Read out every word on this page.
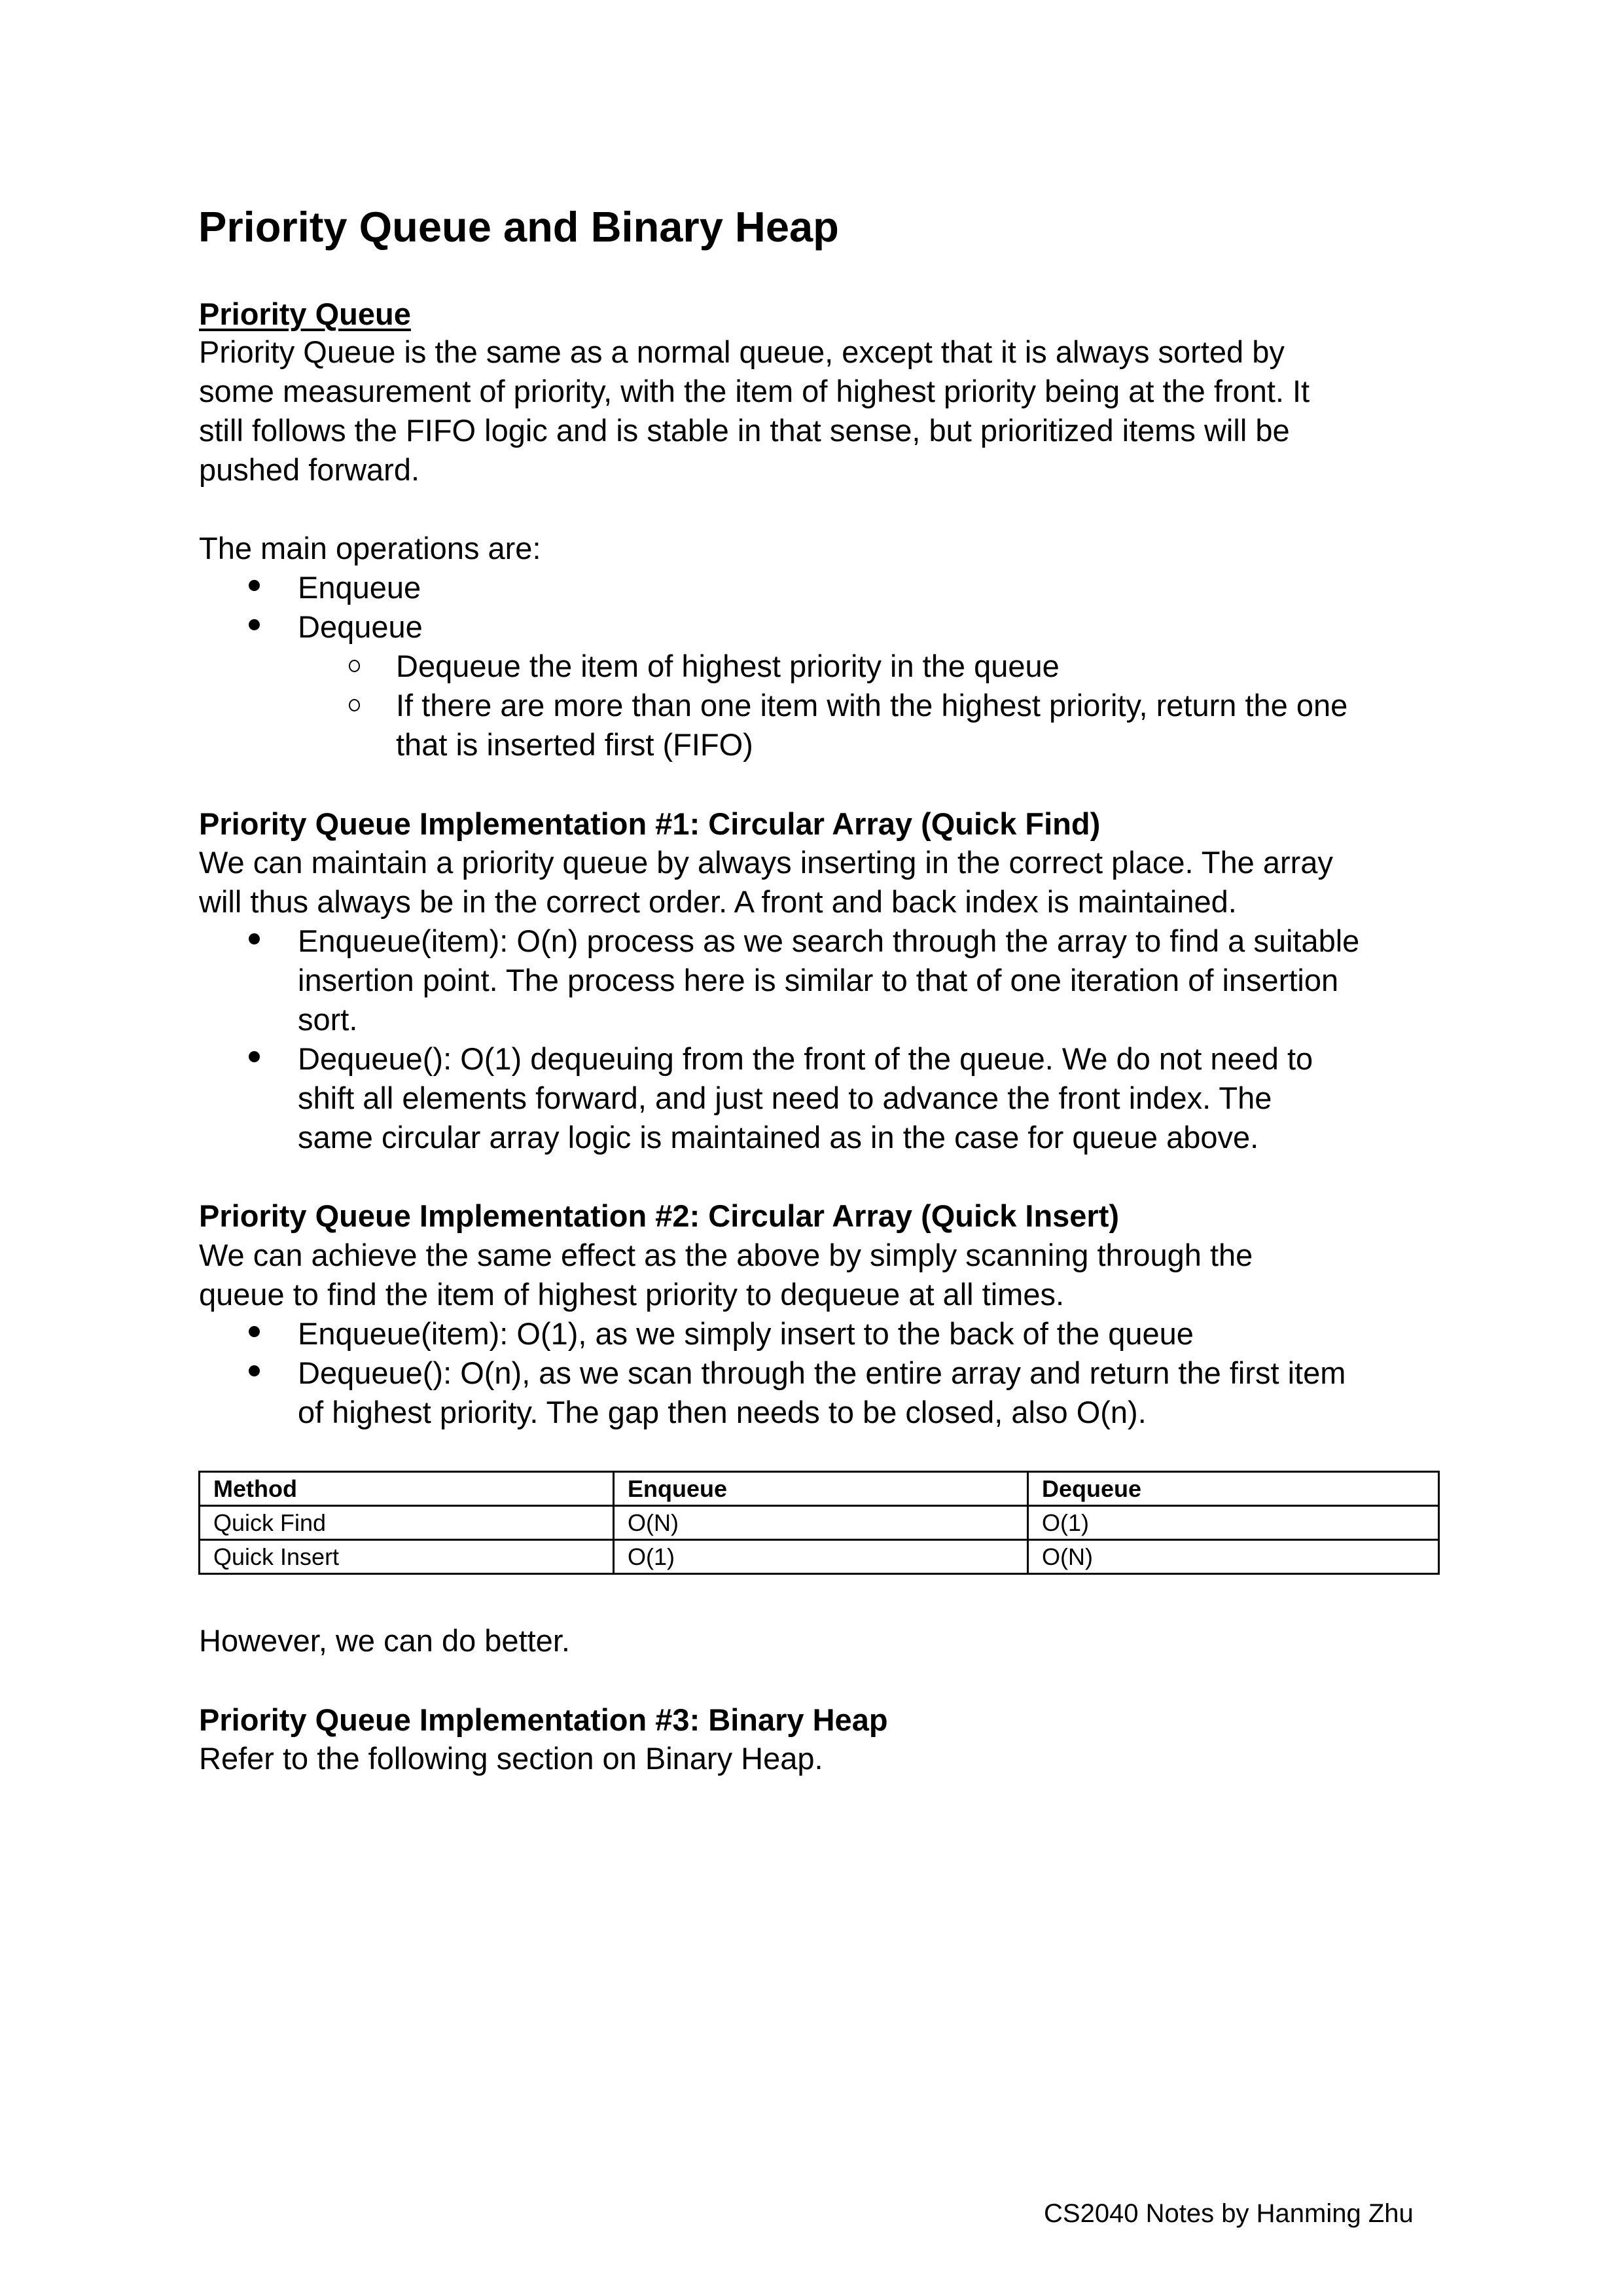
Priority Queue and Binary Heap
Priority Queue
Priority Queue is the same as a normal queue, except that it is always sorted by
some measurement of priority, with the item of highest priority being at the front. It
still follows the FIFO logic and is stable in that sense, but prioritized items will be
pushed forward.
The main operations are:
Enqueue
Dequeue
Dequeue the item of highest priority in the queue
If there are more than one item with the highest priority, return the one
that is inserted first (FIFO)
Priority Queue Implementation #1: Circular Array (Quick Find)
We can maintain a priority queue by always inserting in the correct place. The array
will thus always be in the correct order. A front and back index is maintained.
Enqueue(item): O(n) process as we search through the array to find a suitable
insertion point. The process here is similar to that of one iteration of insertion
sort.
Dequeue(): O(1) dequeuing from the front of the queue. We do not need to
shift all elements forward, and just need to advance the front index. The
same circular array logic is maintained as in the case for queue above.
Priority Queue Implementation #2: Circular Array (Quick Insert)
We can achieve the same effect as the above by simply scanning through the
queue to find the item of highest priority to dequeue at all times.
Enqueue(item): O(1), as we simply insert to the back of the queue
Dequeue(): O(n), as we scan through the entire array and return the first item
of highest priority. The gap then needs to be closed, also O(n).
Method	Enqueue	Dequeue
Quick Find	O(N)	O(1)
Quick Insert	O(1)	O(N)
However, we can do better.
Priority Queue Implementation #3: Binary Heap
Refer to the following section on Binary Heap.
CS2040 Notes by Hanming Zhu
